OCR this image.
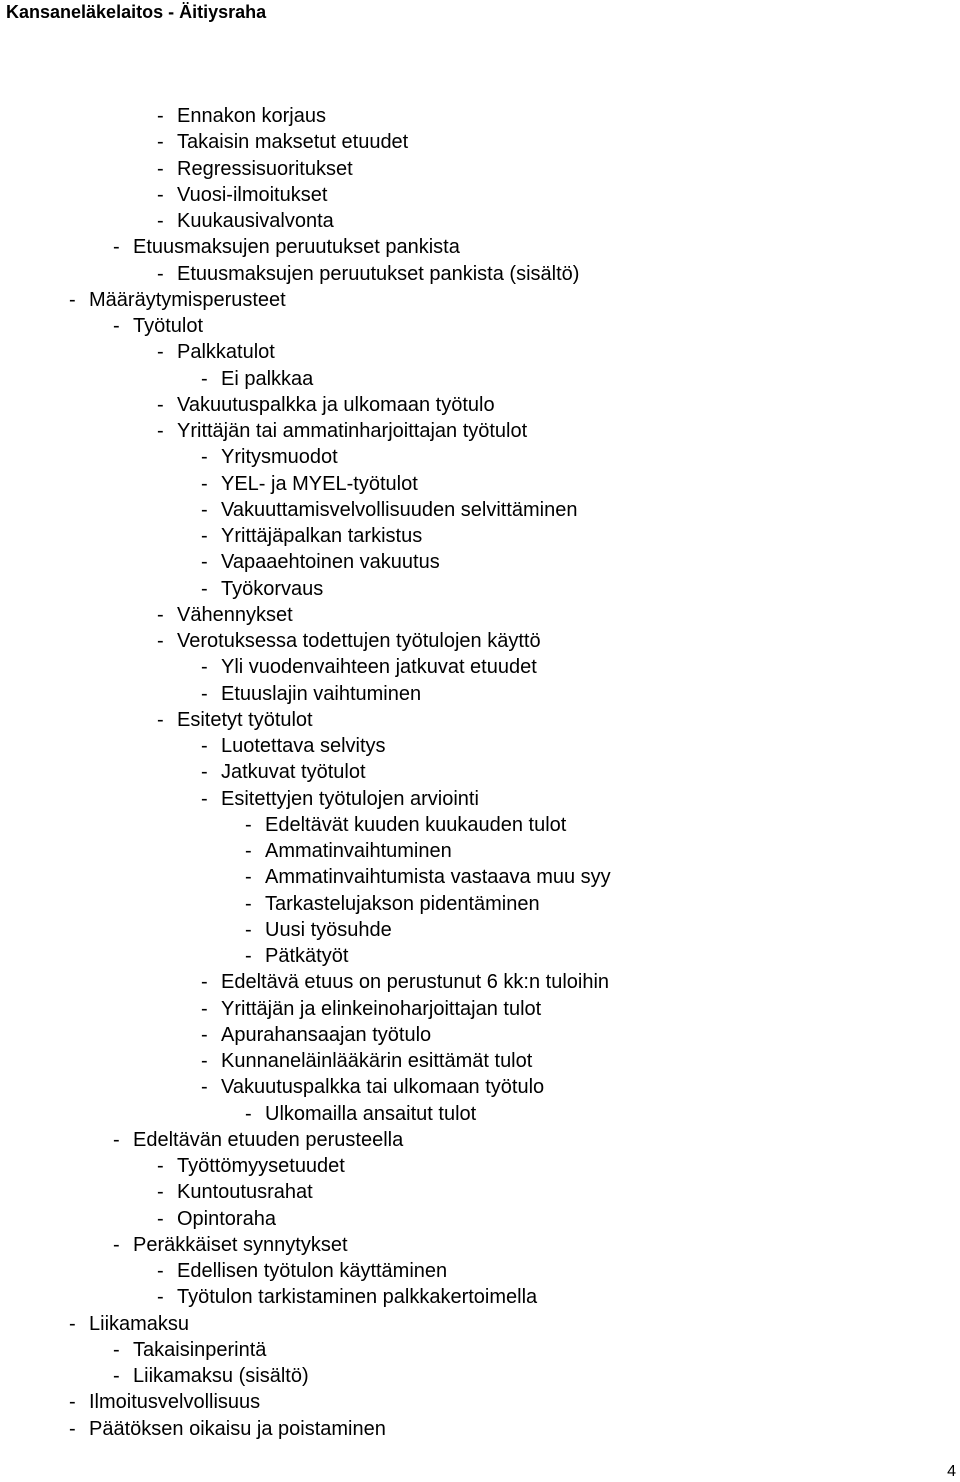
Kansaneläkelaitos - Äitiysraha
- Ennakon korjaus
- Takaisin maksetut etuudet
- Regressisuoritukset
- Vuosi-ilmoitukset
- Kuukausivalvonta
- Etuusmaksujen peruutukset pankista
- Etuusmaksujen peruutukset pankista (sisältö)
- Määräytymisperusteet
- Työtulot
- Palkkatulot
- Ei palkkaa
- Vakuutuspalkka ja ulkomaan työtulo
- Yrittäjän tai ammatinharjoittajan työtulot
- Yritysmuodot
- YEL- ja MYEL-työtulot
- Vakuuttamisvelvollisuuden selvittäminen
- Yrittäjäpalkan tarkistus
- Vapaaehtoinen vakuutus
- Työkorvaus
- Vähennykset
- Verotuksessa todettujen työtulojen käyttö
- Yli vuodenvaihteen jatkuvat etuudet
- Etuuslajin vaihtuminen
- Esitetyt työtulot
- Luotettava selvitys
- Jatkuvat työtulot
- Esitettyjen työtulojen arviointi
- Edeltävät kuuden kuukauden tulot
- Ammatinvaihtuminen
- Ammatinvaihtumista vastaava muu syy
- Tarkastelujakson pidentäminen
- Uusi työsuhde
- Pätkätyöt
- Edeltävä etuus on perustunut 6 kk:n tuloihin
- Yrittäjän ja elinkeinoharjoittajan tulot
- Apurahansaajan työtulo
- Kunnaneläinlääkärin esittämät tulot
- Vakuutuspalkka tai ulkomaan työtulo
- Ulkomailla ansaitut tulot
- Edeltävän etuuden perusteella
- Työttömyysetuudet
- Kuntoutusrahat
- Opintoraha
- Peräkkäiset synnytykset
- Edellisen työtulon käyttäminen
- Työtulon tarkistaminen palkkakertoimella
- Liikamaksu
- Takaisinperintä
- Liikamaksu (sisältö)
- Ilmoitusvelvollisuus
- Päätöksen oikaisu ja poistaminen
4
